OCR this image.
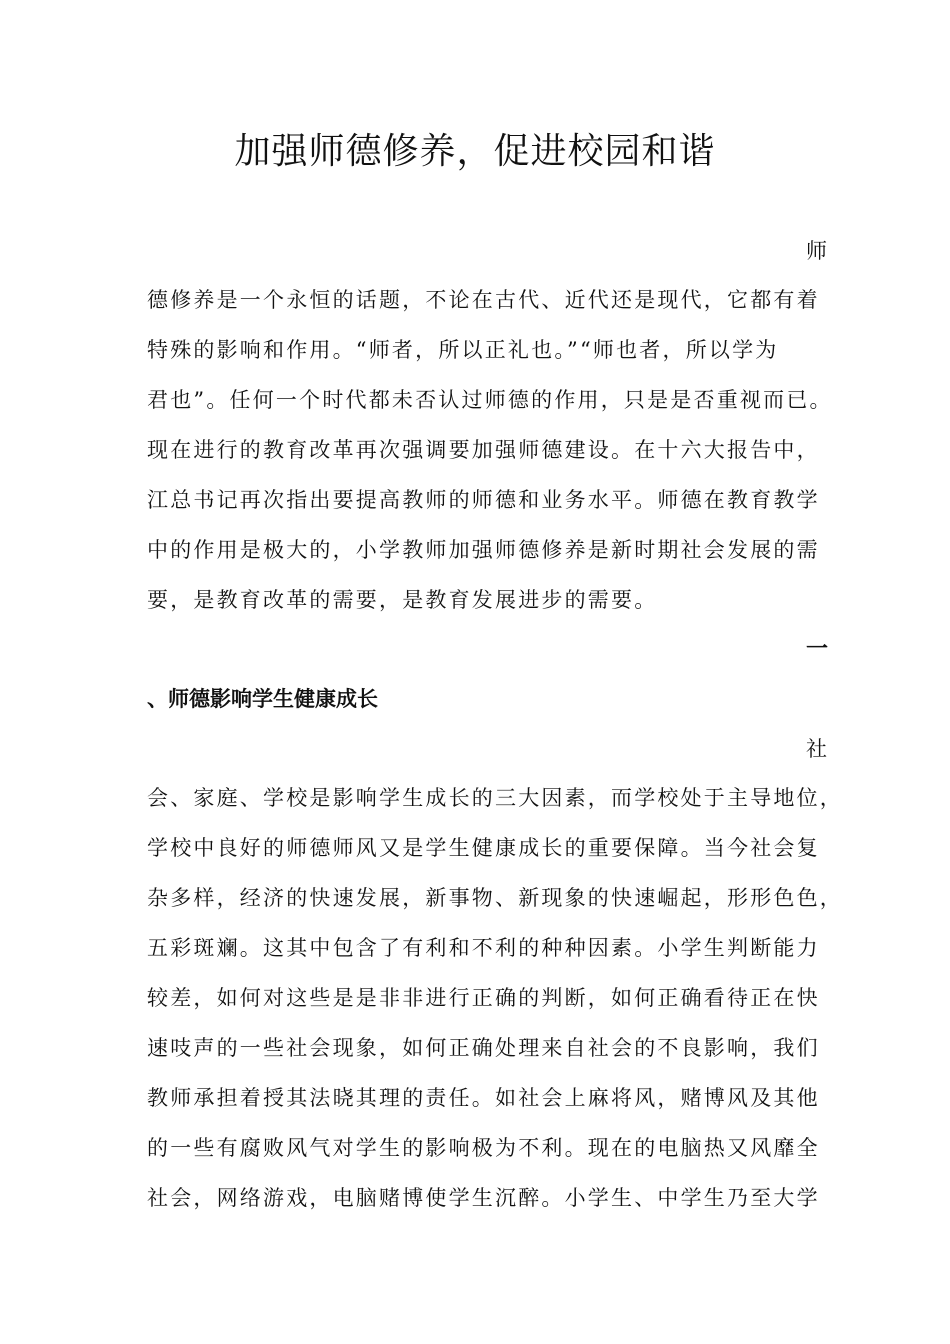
加强师德修养，促进校园和谐
师
德修养是一个永恒的话题，不论在古代、近代还是现代，它都有着
特殊的影响和作用。“师者，所以正礼也。”“师也者，所以学为
君也”。任何一个时代都未否认过师德的作用，只是是否重视而已。
现在进行的教育改革再次强调要加强师德建设。在十六大报告中，
江总书记再次指出要提高教师的师德和业务水平。师德在教育教学
中的作用是极大的，小学教师加强师德修养是新时期社会发展的需
要，是教育改革的需要，是教育发展进步的需要。
一
、师德影响学生健康成长
社
会、家庭、学校是影响学生成长的三大因素，而学校处于主导地位，
学校中良好的师德师风又是学生健康成长的重要保障。当今社会复
杂多样，经济的快速发展，新事物、新现象的快速崛起，形形色色，
五彩斑斓。这其中包含了有利和不利的种种因素。小学生判断能力
较差，如何对这些是是非非进行正确的判断，如何正确看待正在快
速吱声的一些社会现象，如何正确处理来自社会的不良影响，我们
教师承担着授其法晓其理的责任。如社会上麻将风，赌博风及其他
的一些有腐败风气对学生的影响极为不利。现在的电脑热又风靡全
社会，网络游戏，电脑赌博使学生沉醉。小学生、中学生乃至大学
